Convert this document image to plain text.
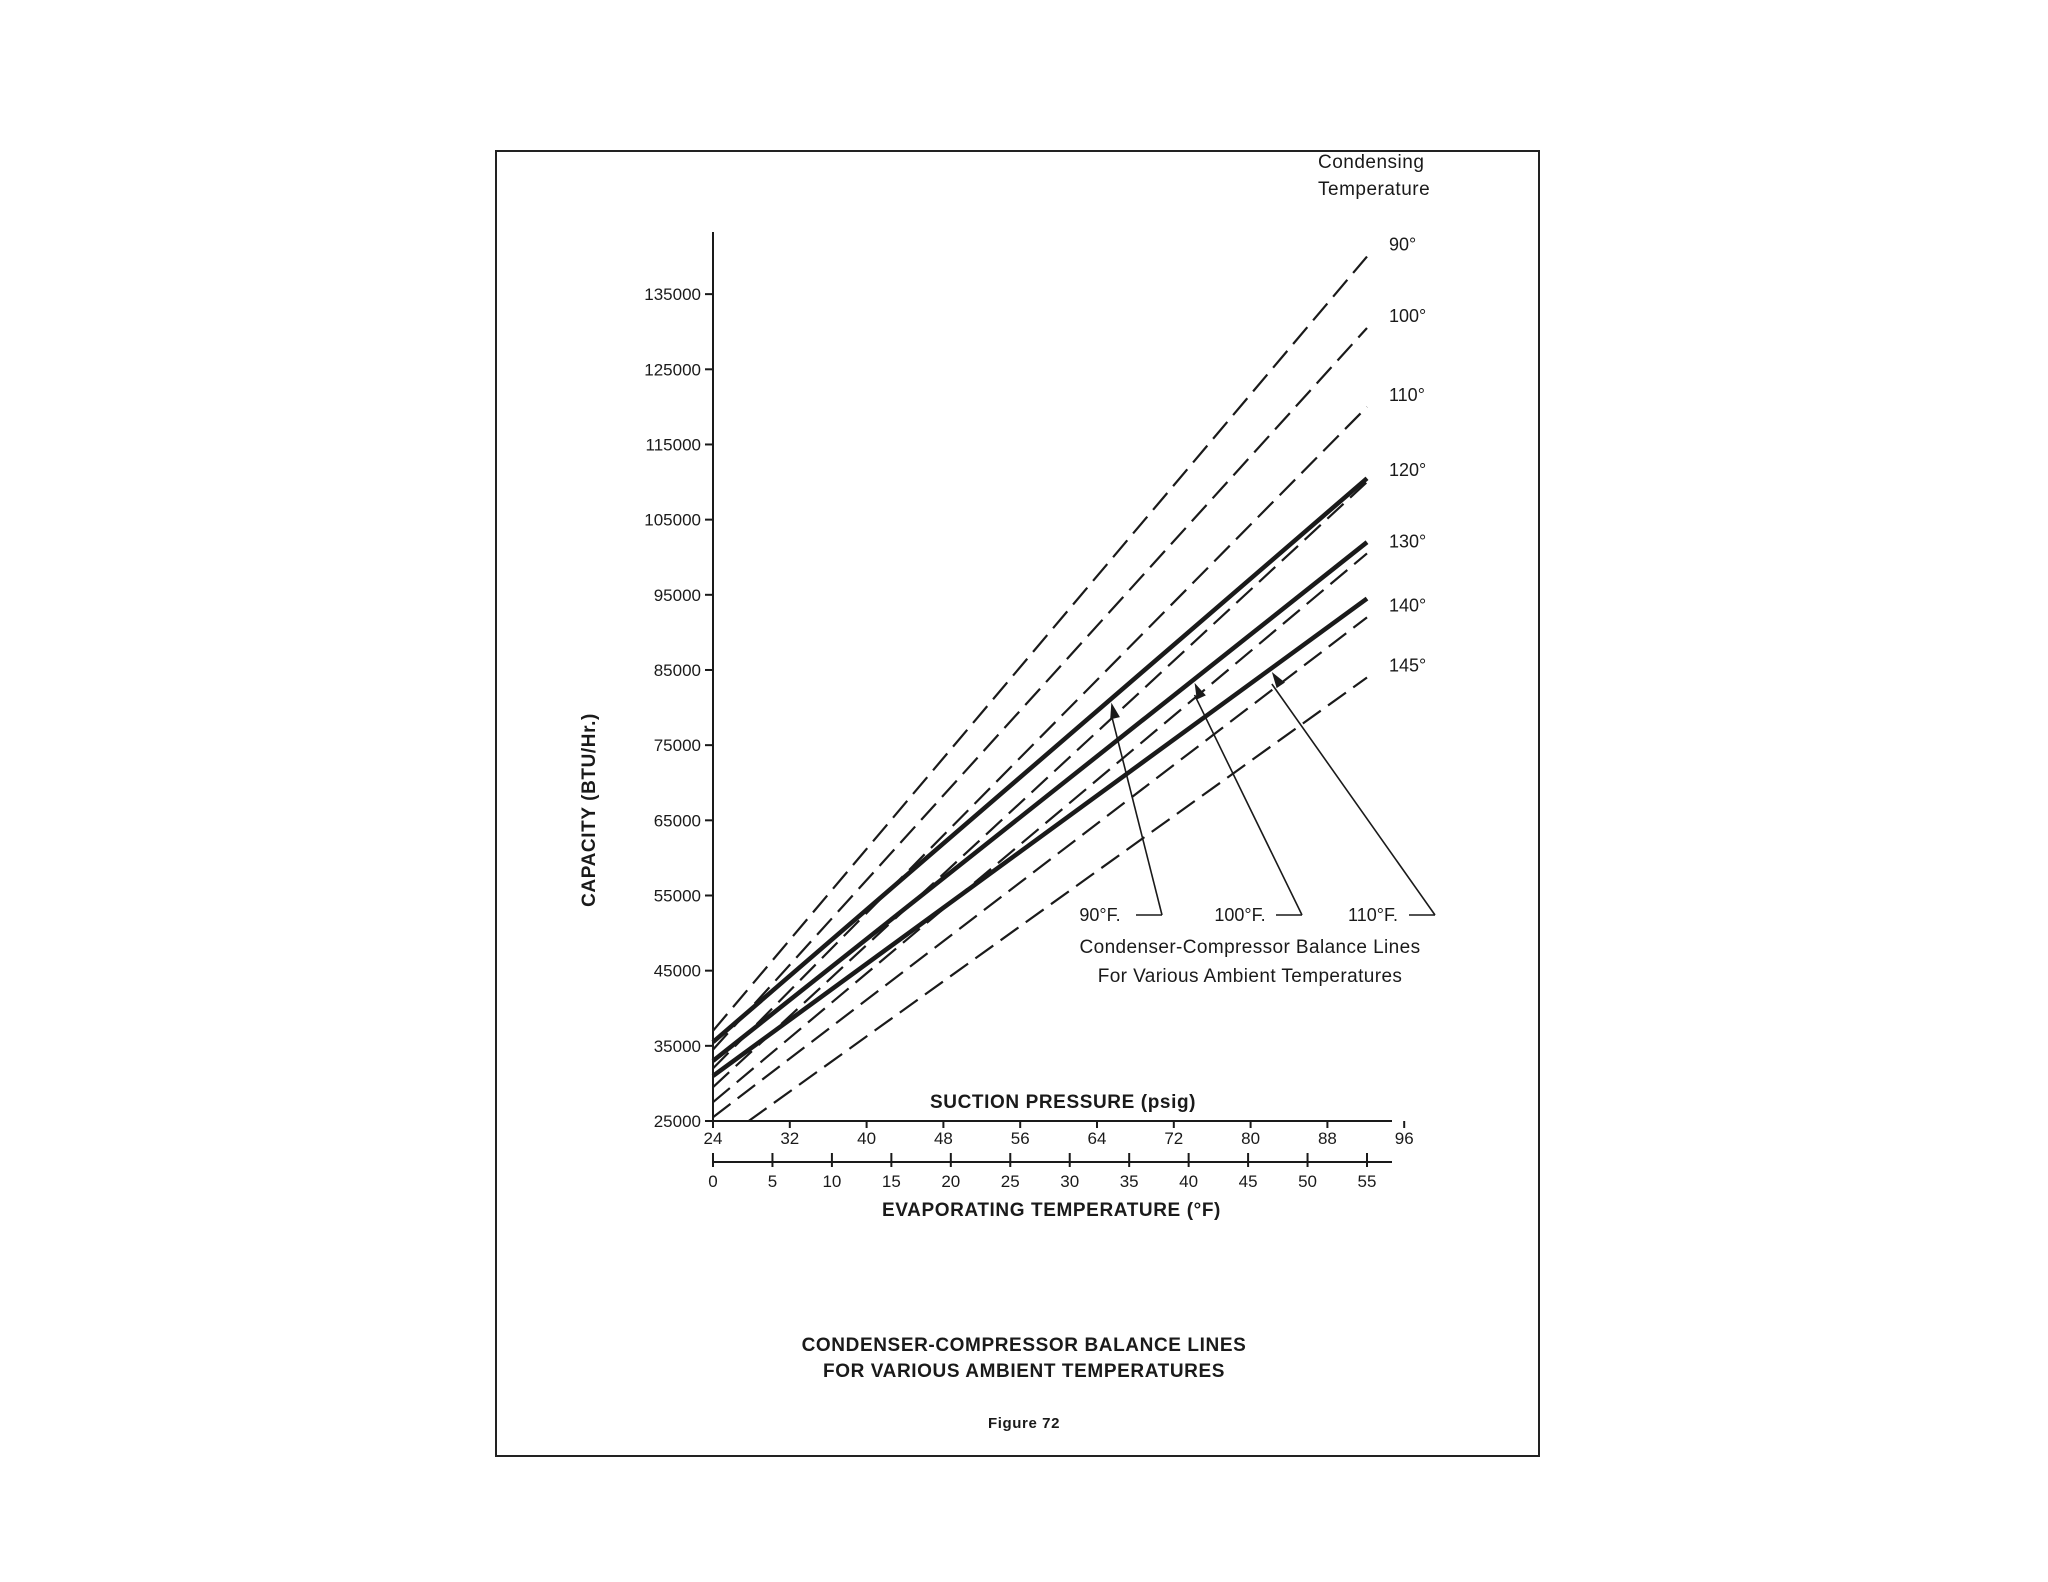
25000
35000
45000
55000
65000
75000
85000
95000
105000
115000
125000
135000
24	32	40	48	56	64	72	80	88	96
0	5	10 15 20 25 30 35 40 45 50 55
90°
100°
110°
120°
130°
140°
145°
90°F.	100°F.	110°F.
Condensing
Temperature
SUCTION PRESSURE (psig)
EVAPORATING TEMPERATURE (°F)
CAPACITY (BTU/Hr.)
Condenser-Compressor Balance Lines
For Various Ambient Temperatures
CONDENSER-COMPRESSOR BALANCE LINES
FOR VARIOUS AMBIENT TEMPERATURES
Figure 72
